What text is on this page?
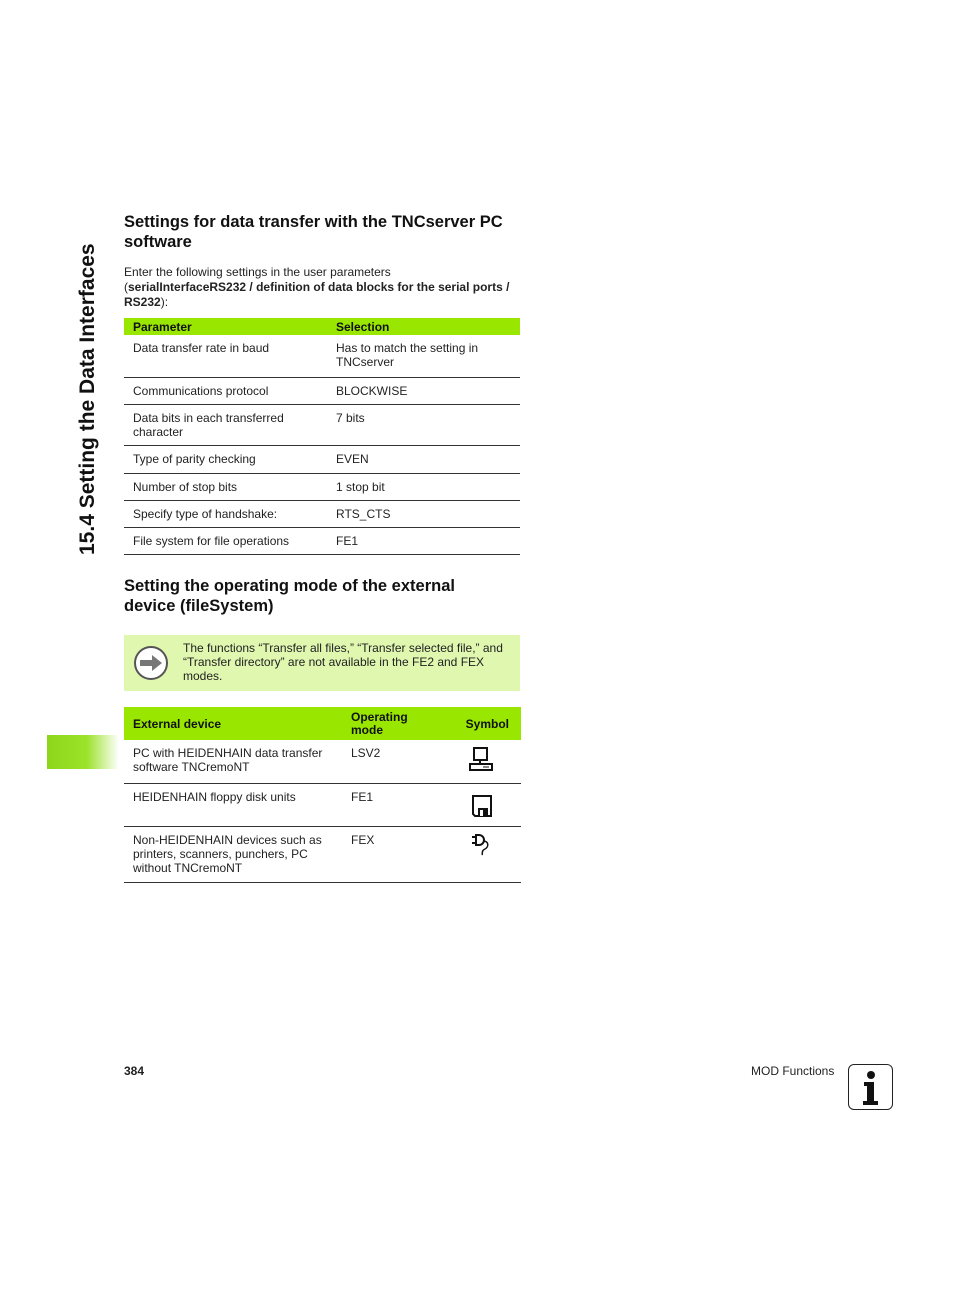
15.4 Setting the Data Interfaces
Settings for data transfer with the TNCserver PC software
Enter the following settings in the user parameters
(serialInterfaceRS232 / definition of data blocks for the serial ports / RS232):
Parameter	Selection
Data transfer rate in baud	Has to match the setting in TNCserver
Communications protocol	BLOCKWISE
Data bits in each transferred character	7 bits
Type of parity checking	EVEN
Number of stop bits	1 stop bit
Specify type of handshake:	RTS_CTS
File system for file operations	FE1
Setting the operating mode of the external device (fileSystem)
The functions “Transfer all files,” “Transfer selected file,” and “Transfer directory” are not available in the FE2 and FEX modes.
External device	Operating mode	Symbol
PC with HEIDENHAIN data transfer software TNCremoNT	LSV2	
HEIDENHAIN floppy disk units	FE1	
Non-HEIDENHAIN devices such as printers, scanners, punchers, PC without TNCremoNT	FEX	
384	MOD Functions
